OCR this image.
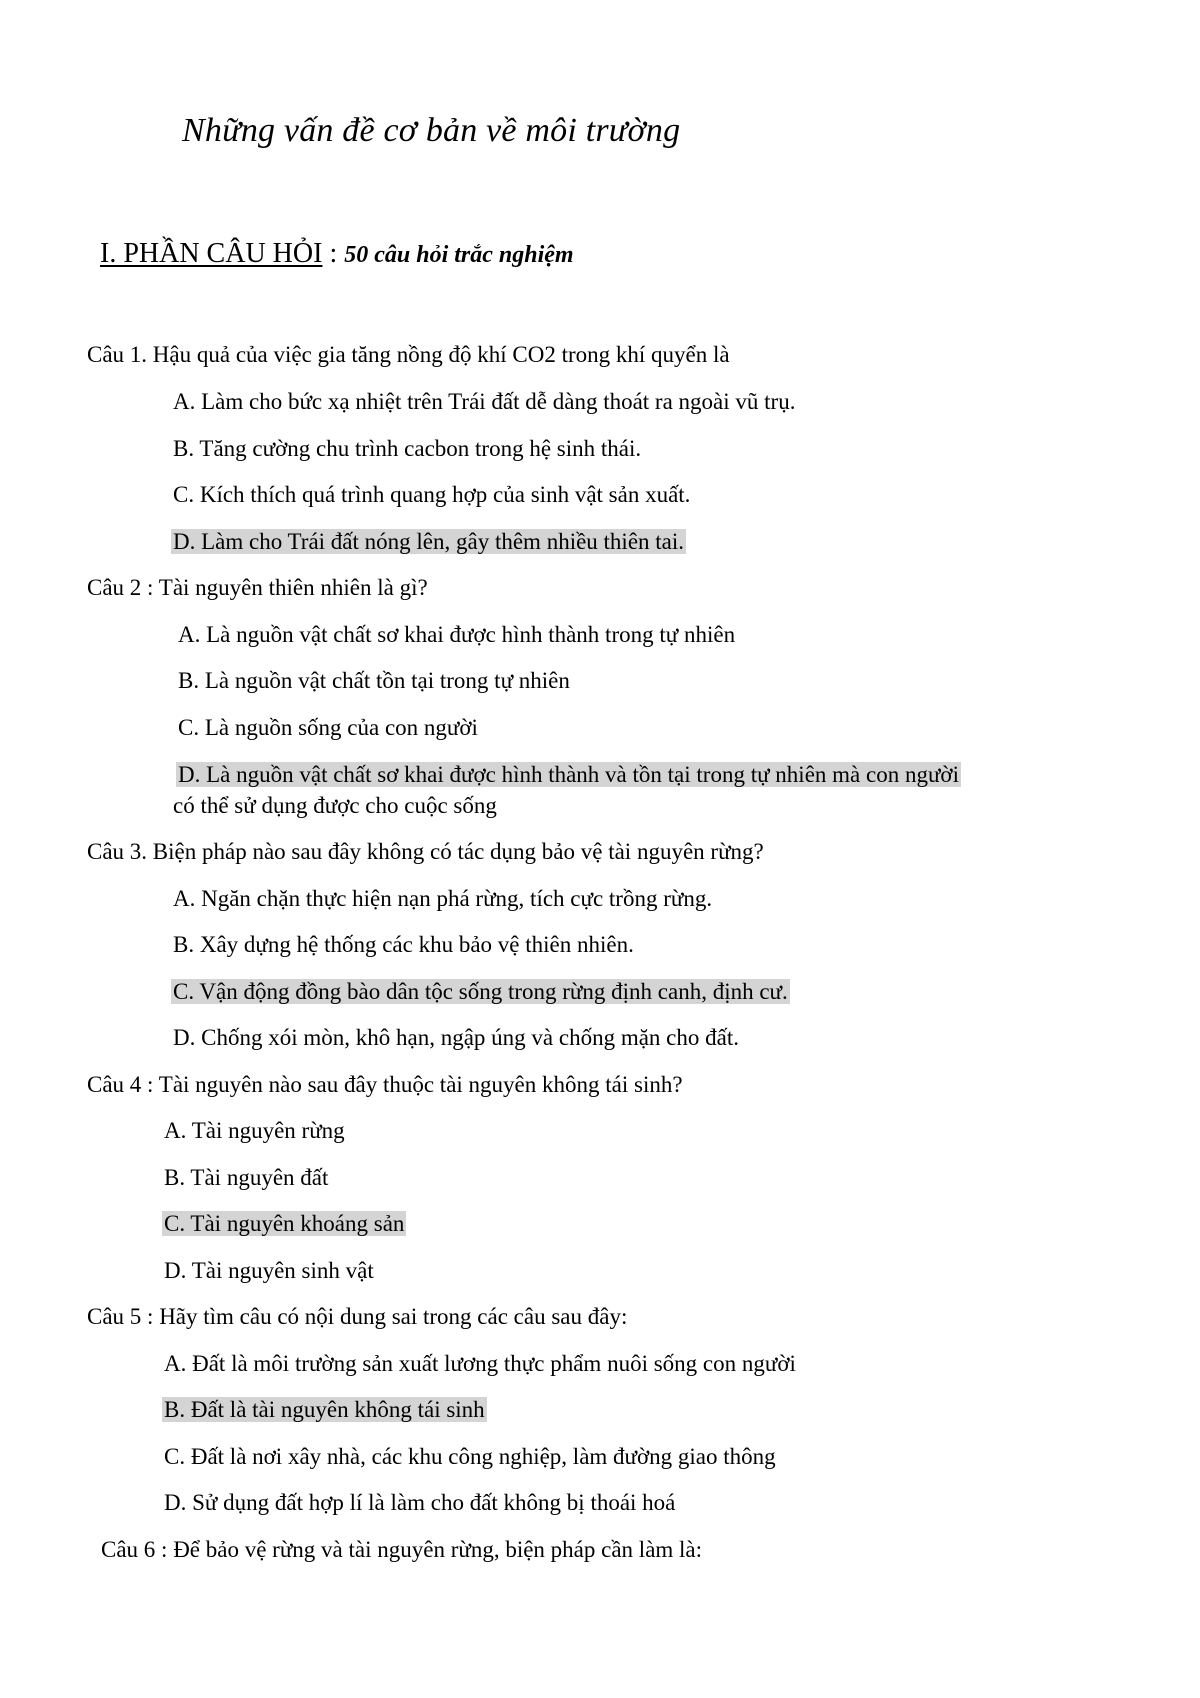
Những vấn đề cơ bản về môi trường
I. PHẦN CÂU HỎI : 50 câu hỏi trắc nghiệm
Câu 1. Hậu quả của việc gia tăng nồng độ khí CO2 trong khí quyển là
A. Làm cho bức xạ nhiệt trên Trái đất dễ dàng thoát ra ngoài vũ trụ.
B. Tăng cường chu trình cacbon trong hệ sinh thái.
C. Kích thích quá trình quang hợp của sinh vật sản xuất.
D. Làm cho Trái đất nóng lên, gây thêm nhiều thiên tai.
Câu 2 : Tài nguyên thiên nhiên là gì?
A. Là nguồn vật chất sơ khai được hình thành trong tự nhiên
B. Là nguồn vật chất tồn tại trong tự nhiên
C. Là nguồn sống của con người
D. Là nguồn vật chất sơ khai được hình thành và tồn tại trong tự nhiên mà con người
có thể sử dụng được cho cuộc sống
Câu 3. Biện pháp nào sau đây không có tác dụng bảo vệ tài nguyên rừng?
A. Ngăn chặn thực hiện nạn phá rừng, tích cực trồng rừng.
B. Xây dựng hệ thống các khu bảo vệ thiên nhiên.
C. Vận động đồng bào dân tộc sống trong rừng định canh, định cư.
D. Chống xói mòn, khô hạn, ngập úng và chống mặn cho đất.
Câu 4 : Tài nguyên nào sau đây thuộc tài nguyên không tái sinh?
A. Tài nguyên rừng
B. Tài nguyên đất
C. Tài nguyên khoáng sản
D. Tài nguyên sinh vật
Câu 5 : Hãy tìm câu có nội dung sai trong các câu sau đây:
A. Đất là môi trường sản xuất lương thực phẩm nuôi sống con người
B. Đất là tài nguyên không tái sinh
C. Đất là nơi xây nhà, các khu công nghiệp, làm đường giao thông
D. Sử dụng đất hợp lí là làm cho đất không bị thoái hoá
Câu 6 : Để bảo vệ rừng và tài nguyên rừng, biện pháp cần làm là:
